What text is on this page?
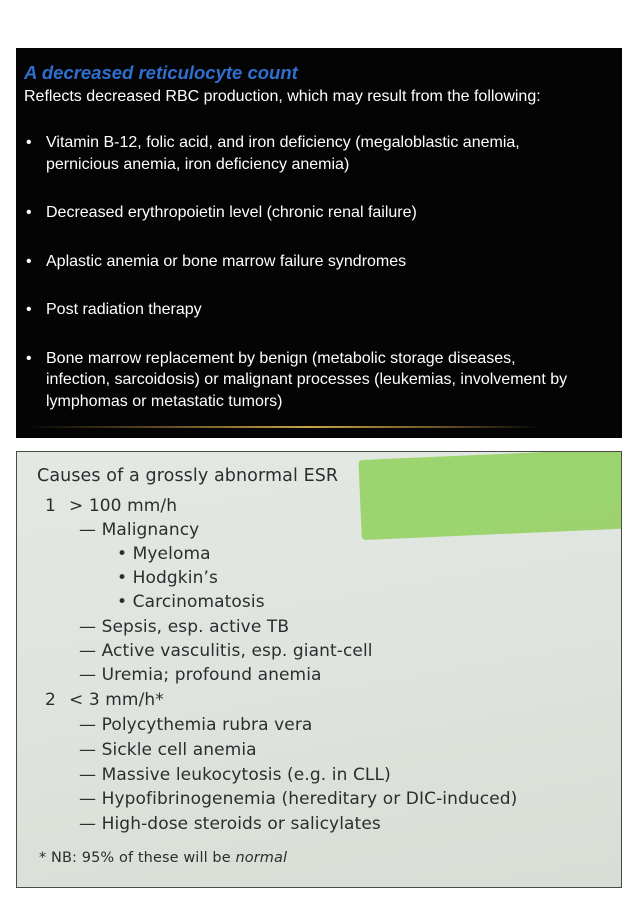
A decreased reticulocyte count
Reflects decreased RBC production, which may result from the following:
• Vitamin B-12, folic acid, and iron deficiency (megaloblastic anemia,
pernicious anemia, iron deficiency anemia)
• Decreased erythropoietin level (chronic renal failure)
• Aplastic anemia or bone marrow failure syndromes
• Post radiation therapy
• Bone marrow replacement by benign (metabolic storage diseases,
infection, sarcoidosis) or malignant processes (leukemias, involvement by
lymphomas or metastatic tumors)
Causes of a grossly abnormal ESR
1 > 100 mm/h
— Malignancy
• Myeloma
• Hodgkin’s
• Carcinomatosis
— Sepsis, esp. active TB
— Active vasculitis, esp. giant-cell
— Uremia; profound anemia
2 < 3 mm/h*
— Polycythemia rubra vera
— Sickle cell anemia
— Massive leukocytosis (e.g. in CLL)
— Hypofibrinogenemia (hereditary or DIC-induced)
— High-dose steroids or salicylates
* NB: 95% of these will be normal
